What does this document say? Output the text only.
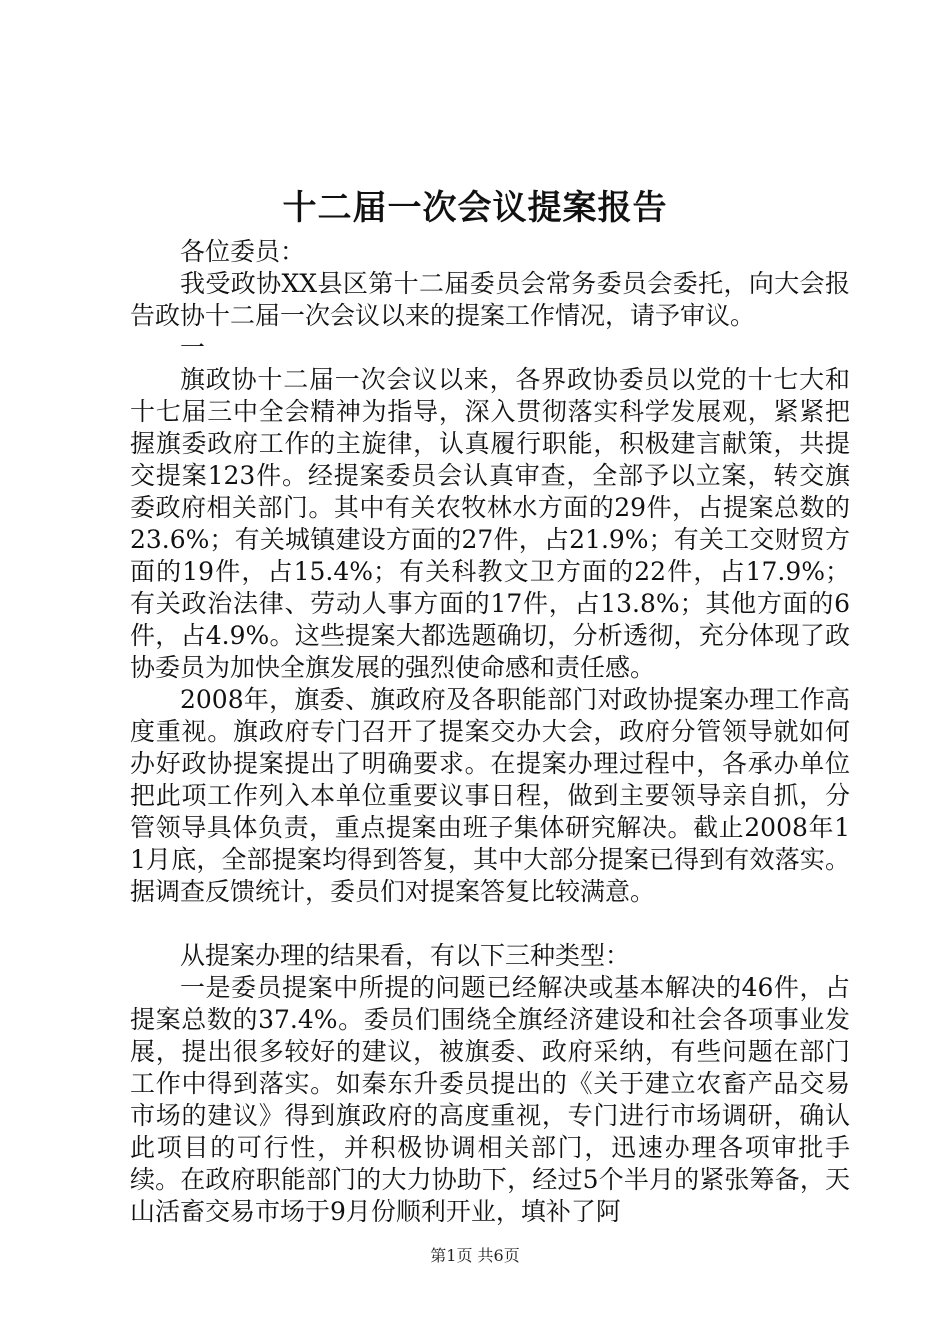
十二届一次会议提案报告

各位委员：

我受政协XX县区第十二届委员会常务委员会委托，向大会报告政协十二届一次会议以来的提案工作情况，请予审议。

一

旗政协十二届一次会议以来，各界政协委员以党的十七大和十七届三中全会精神为指导，深入贯彻落实科学发展观，紧紧把握旗委政府工作的主旋律，认真履行职能，积极建言献策，共提交提案123件。经提案委员会认真审查，全部予以立案，转交旗委政府相关部门。其中有关农牧林水方面的29件，占提案总数的23.6%；有关城镇建设方面的27件，占21.9%；有关工交财贸方面的19件，占15.4%；有关科教文卫方面的22件，占17.9%；有关政治法律、劳动人事方面的17件，占13.8%；其他方面的6件，占4.9%。这些提案大都选题确切，分析透彻，充分体现了政协委员为加快全旗发展的强烈使命感和责任感。

2008年，旗委、旗政府及各职能部门对政协提案办理工作高度重视。旗政府专门召开了提案交办大会，政府分管领导就如何办好政协提案提出了明确要求。在提案办理过程中，各承办单位把此项工作列入本单位重要议事日程，做到主要领导亲自抓，分管领导具体负责，重点提案由班子集体研究解决。截止2008年11月底，全部提案均得到答复，其中大部分提案已得到有效落实。据调查反馈统计，委员们对提案答复比较满意。

从提案办理的结果看，有以下三种类型：

一是委员提案中所提的问题已经解决或基本解决的46件，占提案总数的37.4%。委员们围绕全旗经济建设和社会各项事业发展，提出很多较好的建议，被旗委、政府采纳，有些问题在部门工作中得到落实。如秦东升委员提出的《关于建立农畜产品交易市场的建议》得到旗政府的高度重视，专门进行市场调研，确认此项目的可行性，并积极协调相关部门，迅速办理各项审批手续。在政府职能部门的大力协助下，经过5个半月的紧张筹备，天山活畜交易市场于9月份顺利开业，填补了阿

第1页 共6页
